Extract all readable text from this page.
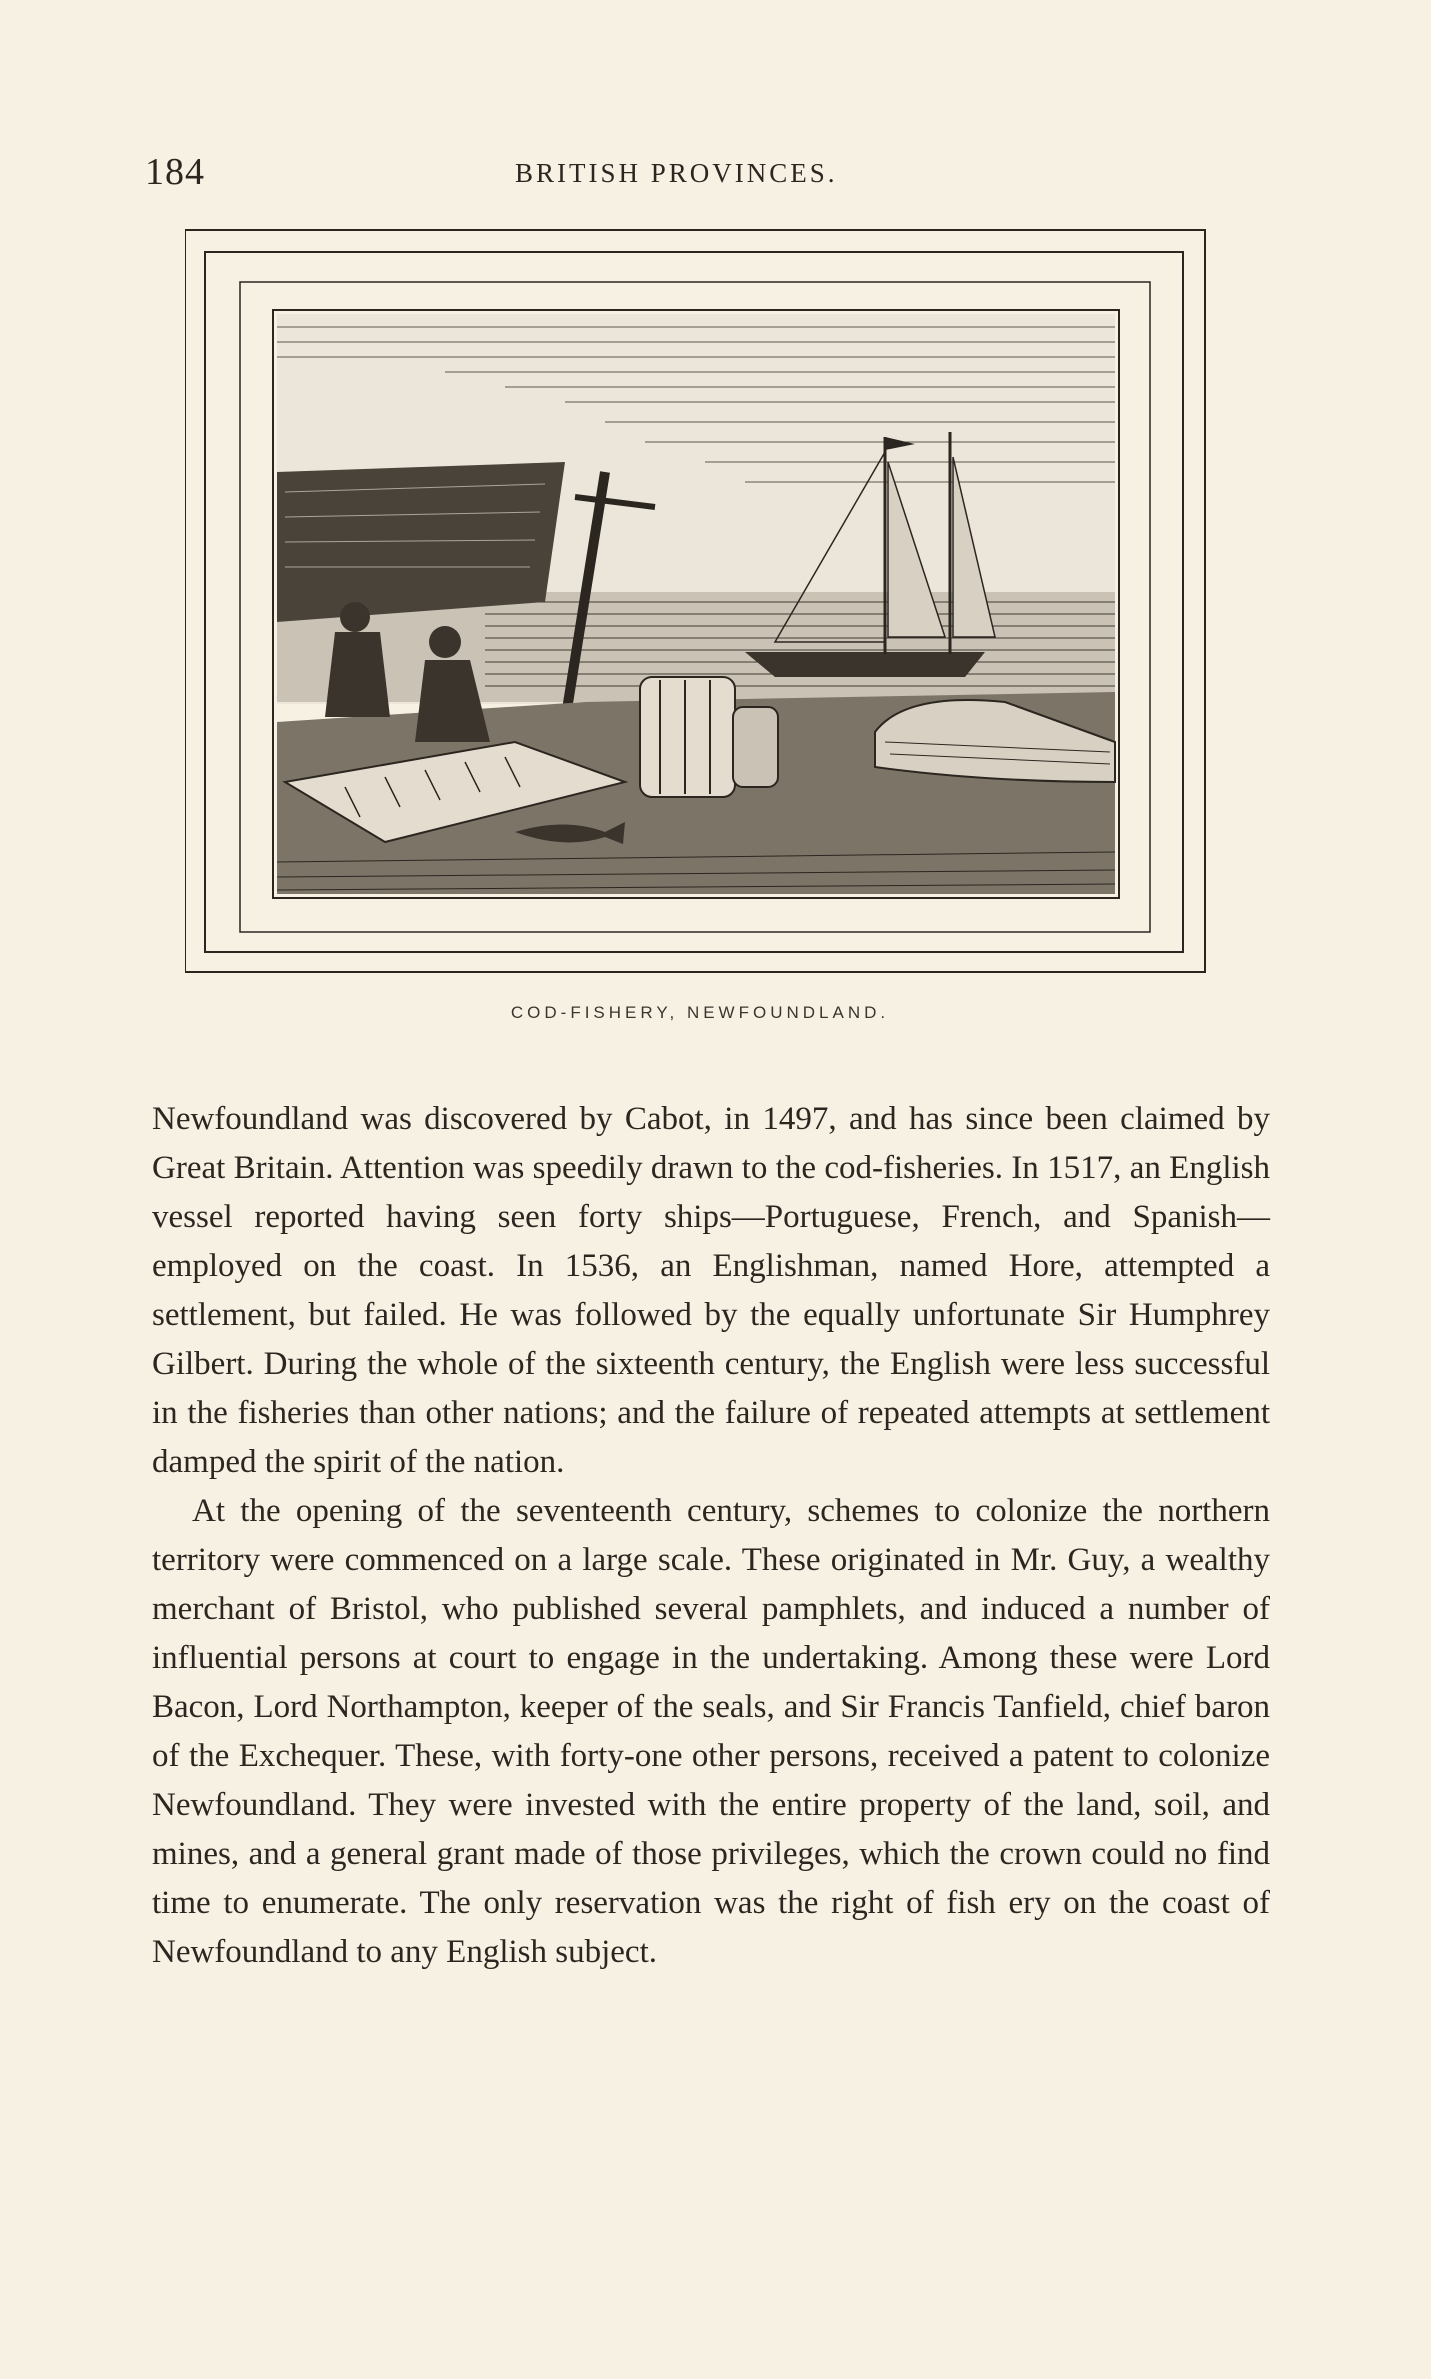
184	BRITISH PROVINCES.
COD-FISHERY, NEWFOUNDLAND.

Newfoundland was discovered by Cabot, in 1497, and has since been claimed by Great Britain. Attention was speedily drawn to the cod-fisheries. In 1517, an English vessel reported having seen forty ships—Portuguese, French, and Spanish—employed on the coast. In 1536, an Englishman, named Hore, attempted a settlement, but failed. He was followed by the equally unfortunate Sir Humphrey Gilbert. During the whole of the sixteenth century, the English were less successful in the fisheries than other nations; and the failure of repeated attempts at settlement damped the spirit of the nation.

At the opening of the seventeenth century, schemes to colonize the northern territory were commenced on a large scale. These originated in Mr. Guy, a wealthy merchant of Bristol, who published several pamphlets, and induced a number of influential persons at court to engage in the undertaking. Among these were Lord Bacon, Lord Northampton, keeper of the seals, and Sir Francis Tanfield, chief baron of the Exchequer. These, with forty-one other persons, received a patent to colonize Newfoundland. They were invested with the entire property of the land, soil, and mines, and a general grant made of those privileges, which the crown could no find time to enumerate. The only reservation was the right of fish ery on the coast of Newfoundland to any English subject.
